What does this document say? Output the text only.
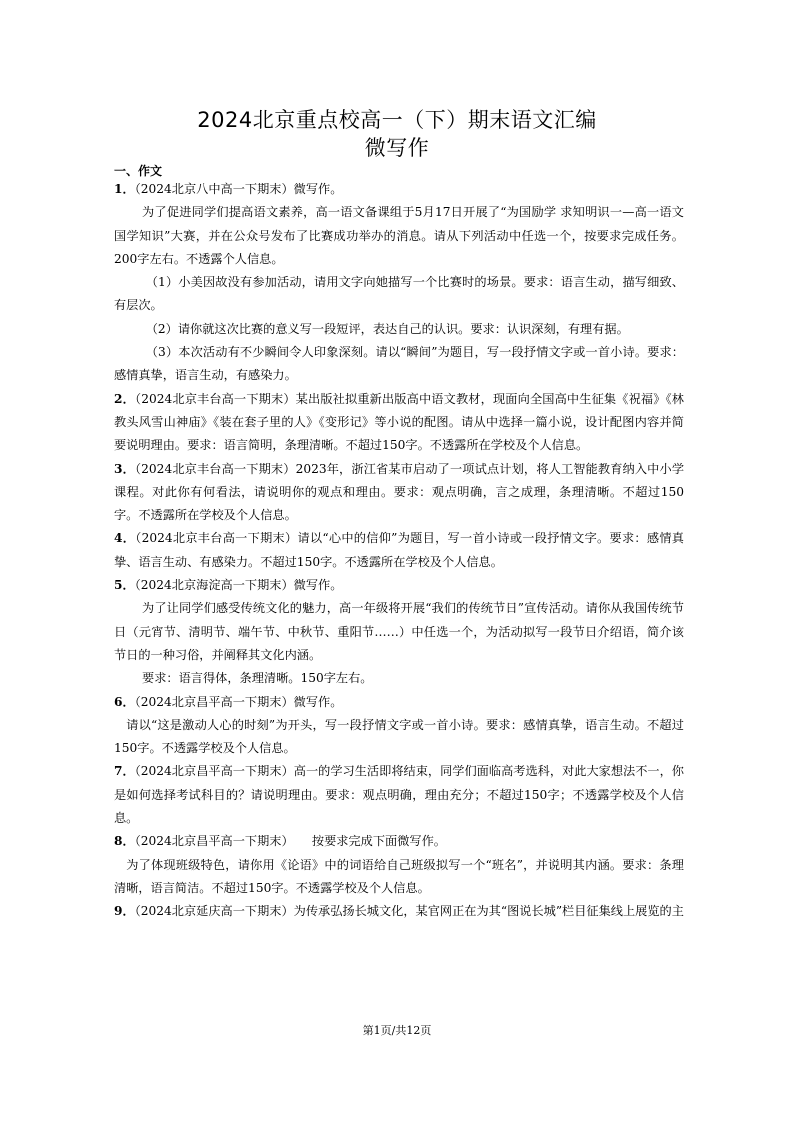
2024北京重点校高一（下）期末语文汇编
微写作
一、作文

1．（2024北京八中高一下期末）微写作。

为了促进同学们提高语文素养，高一语文备课组于5月17日开展了“为国励学 求知明识一—高一语文国学知识”大赛，并在公众号发布了比赛成功举办的消息。请从下列活动中任选一个，按要求完成任务。200字左右。不透露个人信息。

（1）小美因故没有参加活动，请用文字向她描写一个比赛时的场景。要求：语言生动，描写细致、有层次。

（2）请你就这次比赛的意义写一段短评，表达自己的认识。要求：认识深刻，有理有据。

（3）本次活动有不少瞬间令人印象深刻。请以“瞬间”为题目，写一段抒情文字或一首小诗。要求：感情真挚，语言生动，有感染力。

2．（2024北京丰台高一下期末）某出版社拟重新出版高中语文教材，现面向全国高中生征集《祝福》《林教头风雪山神庙》《装在套子里的人》《变形记》等小说的配图。请从中选择一篇小说，设计配图内容并简要说明理由。要求：语言简明，条理清晰。不超过150字。不透露所在学校及个人信息。

3．（2024北京丰台高一下期末）2023年，浙江省某市启动了一项试点计划，将人工智能教育纳入中小学课程。对此你有何看法，请说明你的观点和理由。要求：观点明确，言之成理，条理清晰。不超过150字。不透露所在学校及个人信息。

4．（2024北京丰台高一下期末）请以“心中的信仰”为题目，写一首小诗或一段抒情文字。要求：感情真挚、语言生动、有感染力。不超过150字。不透露所在学校及个人信息。

5．（2024北京海淀高一下期末）微写作。

为了让同学们感受传统文化的魅力，高一年级将开展“我们的传统节日”宣传活动。请你从我国传统节日（元宵节、清明节、端午节、中秋节、重阳节……）中任选一个，为活动拟写一段节日介绍语，简介该节日的一种习俗，并阐释其文化内涵。

要求：语言得体，条理清晰。150字左右。

6．（2024北京昌平高一下期末）微写作。

请以“这是激动人心的时刻”为开头，写一段抒情文字或一首小诗。要求：感情真挚，语言生动。不超过150字。不透露学校及个人信息。

7．（2024北京昌平高一下期末）高一的学习生活即将结束，同学们面临高考选科，对此大家想法不一，你是如何选择考试科目的？请说明理由。要求：观点明确，理由充分；不超过150字；不透露学校及个人信息。

8．（2024北京昌平高一下期末）　　按要求完成下面微写作。

为了体现班级特色，请你用《论语》中的词语给自己班级拟写一个“班名”，并说明其内涵。要求：条理清晰，语言简洁。不超过150字。不透露学校及个人信息。

9．（2024北京延庆高一下期末）为传承弘扬长城文化，某官网正在为其“图说长城”栏目征集线上展览的主

第1页/共12页
